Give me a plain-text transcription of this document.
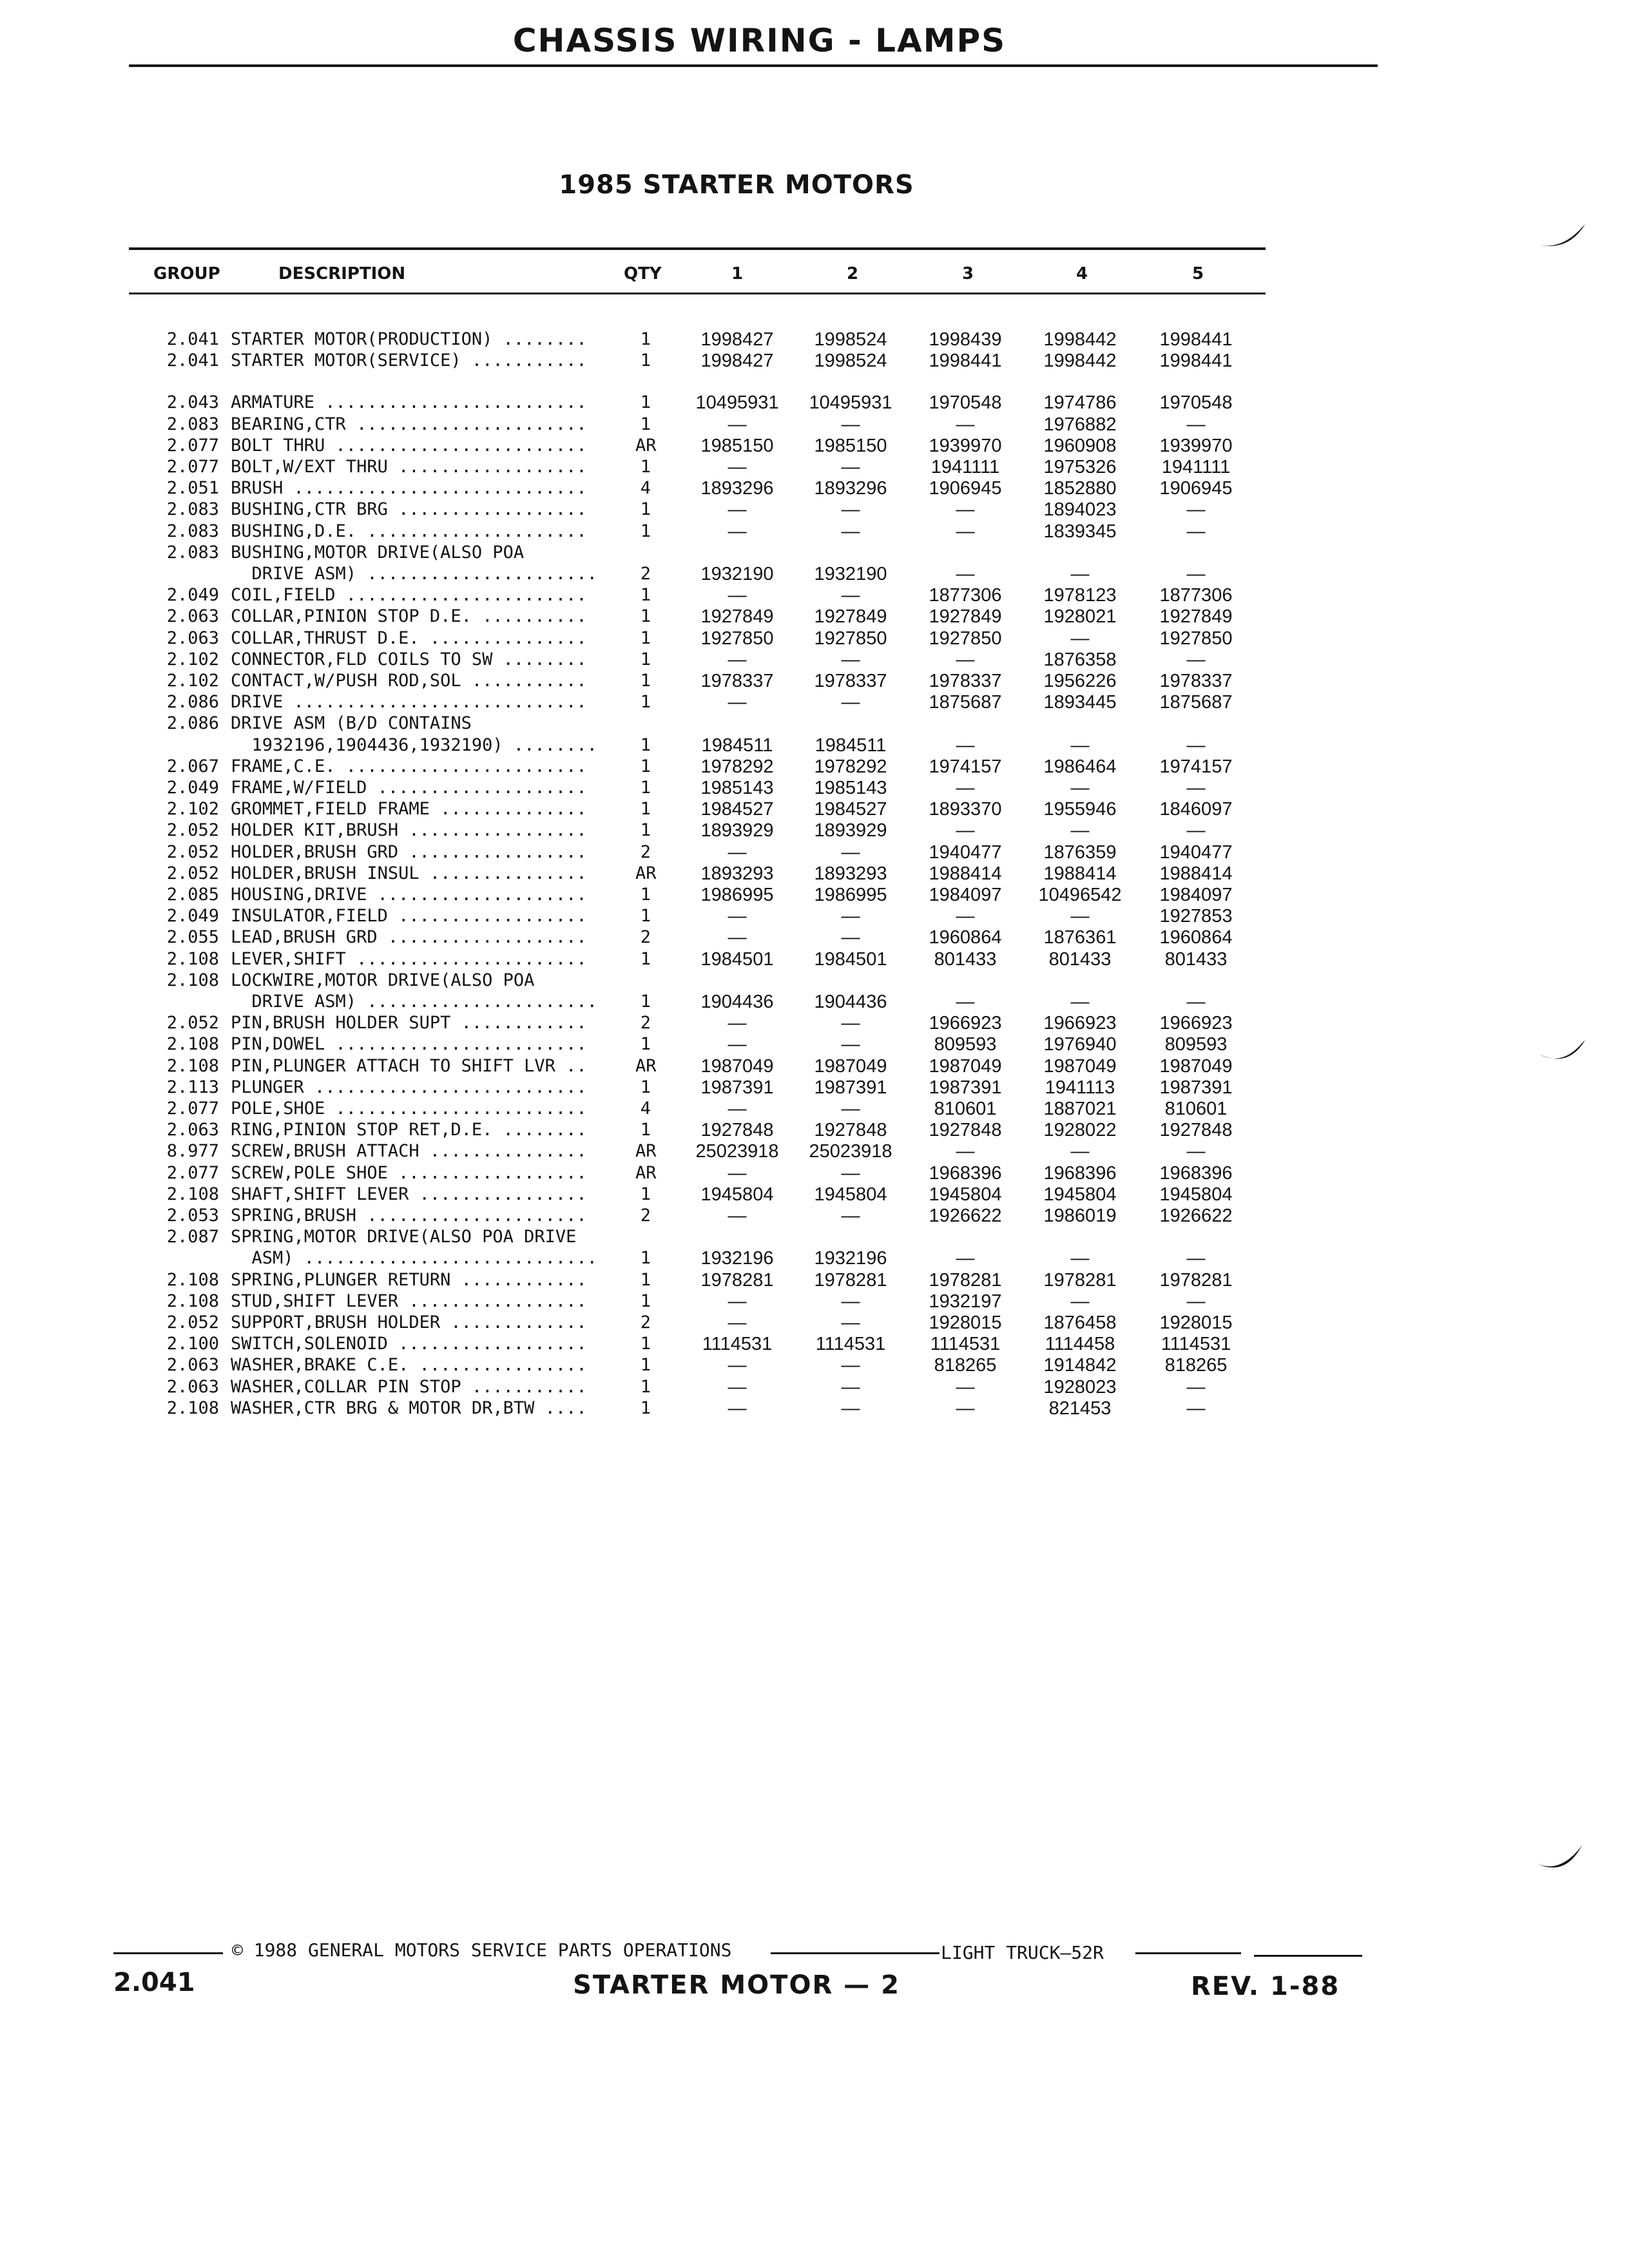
CHASSIS WIRING - LAMPS
1985 STARTER MOTORS
GROUP	DESCRIPTION	QTY	1	2	3	4	5
2.041 STARTER MOTOR(PRODUCTION) ........	1	1998427	1998524	1998439	1998442	1998441
2.041 STARTER MOTOR(SERVICE) ...........	1	1998427	1998524	1998441	1998442	1998441
2.043 ARMATURE .........................	1	10495931	10495931	1970548	1974786	1970548
2.083 BEARING,CTR ......................	1	—	—	—	1976882	—
2.077 BOLT THRU ........................	AR	1985150	1985150	1939970	1960908	1939970
2.077 BOLT,W/EXT THRU ..................	1	—	—	1941111	1975326	1941111
2.051 BRUSH ............................	4	1893296	1893296	1906945	1852880	1906945
2.083 BUSHING,CTR BRG ..................	1	—	—	—	1894023	—
2.083 BUSHING,D.E. .....................	1	—	—	—	1839345	—
2.083 BUSHING,MOTOR DRIVE(ALSO POA
DRIVE ASM) ......................	2	1932190	1932190	—	—	—
2.049 COIL,FIELD .......................	1	—	—	1877306	1978123	1877306
2.063 COLLAR,PINION STOP D.E. ..........	1	1927849	1927849	1927849	1928021	1927849
2.063 COLLAR,THRUST D.E. ...............	1	1927850	1927850	1927850	—	1927850
2.102 CONNECTOR,FLD COILS TO SW ........	1	—	—	—	1876358	—
2.102 CONTACT,W/PUSH ROD,SOL ...........	1	1978337	1978337	1978337	1956226	1978337
2.086 DRIVE ............................	1	—	—	1875687	1893445	1875687
2.086 DRIVE ASM (B/D CONTAINS
1932196,1904436,1932190) ........	1	1984511	1984511	—	—	—
2.067 FRAME,C.E. .......................	1	1978292	1978292	1974157	1986464	1974157
2.049 FRAME,W/FIELD ....................	1	1985143	1985143	—	—	—
2.102 GROMMET,FIELD FRAME ..............	1	1984527	1984527	1893370	1955946	1846097
2.052 HOLDER KIT,BRUSH .................	1	1893929	1893929	—	—	—
2.052 HOLDER,BRUSH GRD .................	2	—	—	1940477	1876359	1940477
2.052 HOLDER,BRUSH INSUL ...............	AR	1893293	1893293	1988414	1988414	1988414
2.085 HOUSING,DRIVE ....................	1	1986995	1986995	1984097	10496542	1984097
2.049 INSULATOR,FIELD ..................	1	—	—	—	—	1927853
2.055 LEAD,BRUSH GRD ...................	2	—	—	1960864	1876361	1960864
2.108 LEVER,SHIFT ......................	1	1984501	1984501	801433	801433	801433
2.108 LOCKWIRE,MOTOR DRIVE(ALSO POA
DRIVE ASM) ......................	1	1904436	1904436	—	—	—
2.052 PIN,BRUSH HOLDER SUPT ............	2	—	—	1966923	1966923	1966923
2.108 PIN,DOWEL ........................	1	—	—	809593	1976940	809593
2.108 PIN,PLUNGER ATTACH TO SHIFT LVR ..	AR	1987049	1987049	1987049	1987049	1987049
2.113 PLUNGER ..........................	1	1987391	1987391	1987391	1941113	1987391
2.077 POLE,SHOE ........................	4	—	—	810601	1887021	810601
2.063 RING,PINION STOP RET,D.E. ........	1	1927848	1927848	1927848	1928022	1927848
8.977 SCREW,BRUSH ATTACH ...............	AR	25023918	25023918	—	—	—
2.077 SCREW,POLE SHOE ..................	AR	—	—	1968396	1968396	1968396
2.108 SHAFT,SHIFT LEVER ................	1	1945804	1945804	1945804	1945804	1945804
2.053 SPRING,BRUSH .....................	2	—	—	1926622	1986019	1926622
2.087 SPRING,MOTOR DRIVE(ALSO POA DRIVE
ASM) ............................	1	1932196	1932196	—	—	—
2.108 SPRING,PLUNGER RETURN ............	1	1978281	1978281	1978281	1978281	1978281
2.108 STUD,SHIFT LEVER .................	1	—	—	1932197	—	—
2.052 SUPPORT,BRUSH HOLDER .............	2	—	—	1928015	1876458	1928015
2.100 SWITCH,SOLENOID ..................	1	1114531	1114531	1114531	1114458	1114531
2.063 WASHER,BRAKE C.E. ................	1	—	—	818265	1914842	818265
2.063 WASHER,COLLAR PIN STOP ...........	1	—	—	—	1928023	—
2.108 WASHER,CTR BRG & MOTOR DR,BTW ....	1	—	—	—	821453	—
© 1988 GENERAL MOTORS SERVICE PARTS OPERATIONS	LIGHT TRUCK—52R
2.041	STARTER MOTOR — 2	REV. 1-88
